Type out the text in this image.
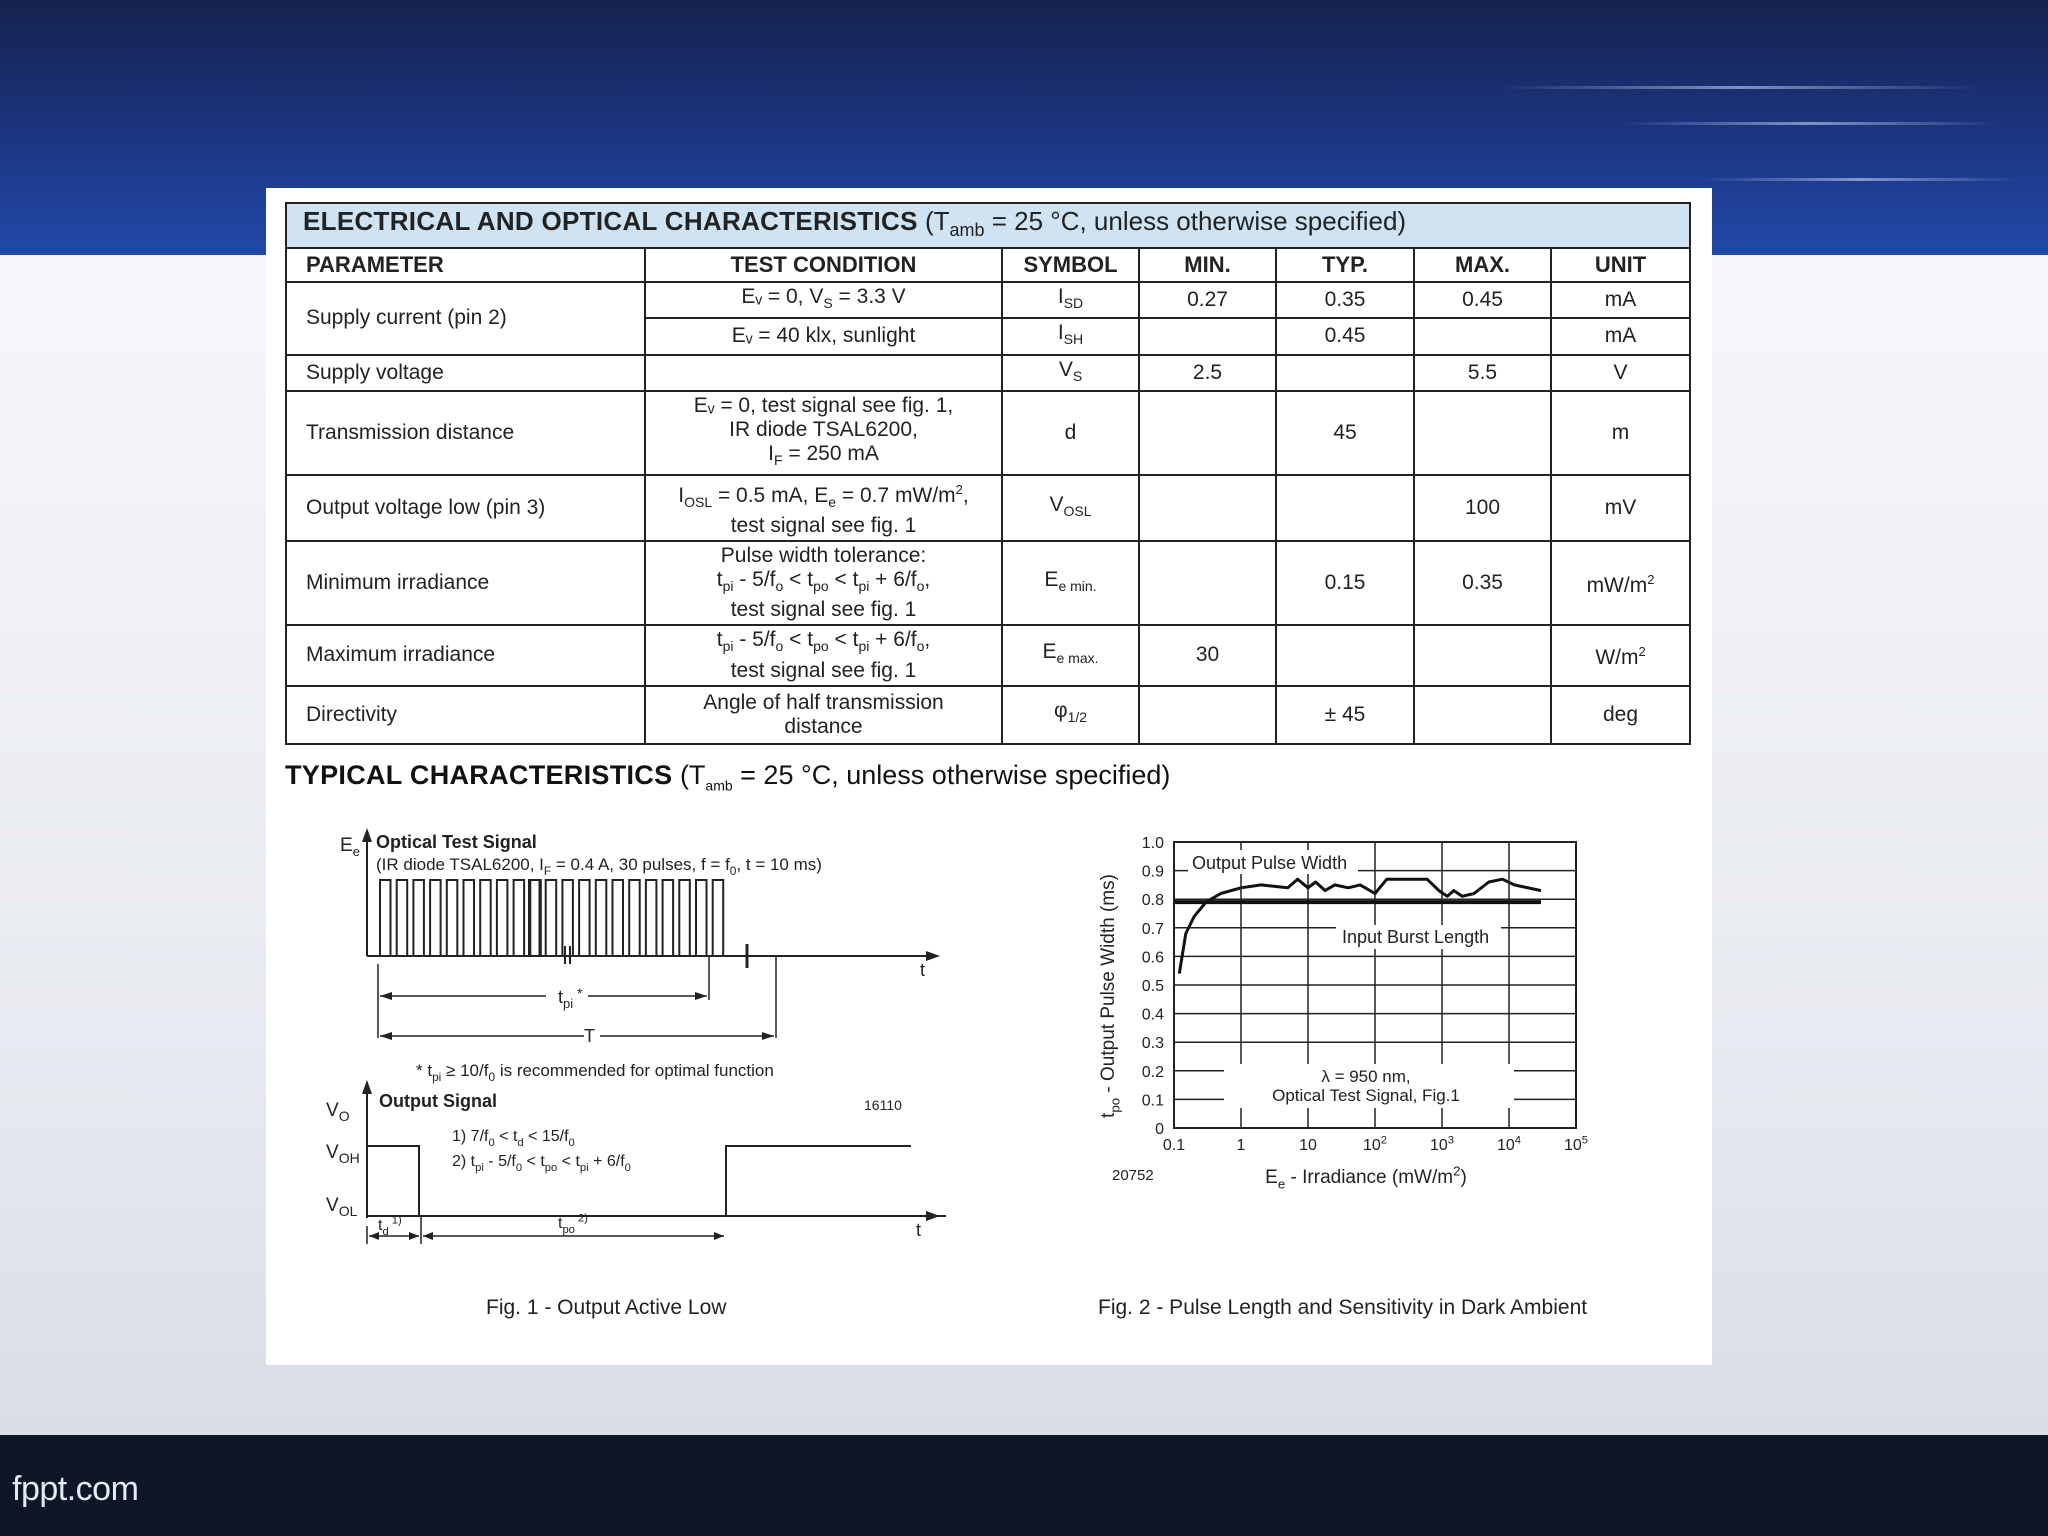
fppt.com
ELECTRICAL AND OPTICAL CHARACTERISTICS ($T_{amb} = 25$ °C, unless otherwise specified)						
PARAMETER	TEST CONDITION	SYMBOL	MIN.	TYP.	MAX.	UNIT
Supply current (pin 2)	Eᵥ = 0, $V_S = 3.3$ V	$I_{SD}$	0.27	0.35	0.45	mA
	Eᵥ = 40 klx, sunlight	$I_{SH}$		0.45		mA
Supply voltage		$V_S$	2.5		5.5	V
Transmission distance	Eᵥ = 0, test signal see fig. 1,
IR diode TSAL6200,
$I_F = 250$ mA	d		45		m
Output voltage low (pin 3)	$I_{OSL} = 0.5$ mA, $E_e = 0.7$ $mW/m^2$,
test signal see fig. 1	$V_{OSL}$			100	mV
Minimum irradiance	Pulse width tolerance:
$t_{pi} - 5/f_o < t_{po} < t_{pi} + 6/f_o$,
test signal see fig. 1	$E_{e min.}$		0.15	0.35	$mW/m^2$
Maximum irradiance	$t_{pi} - 5/f_o < t_{po} < t_{pi} + 6/f_o$,
test signal see fig. 1	$E_{e max.}$	30			$W/m^2$
Directivity	Angle of half transmission
distance	$\varphi_{1/2}$		± 45		deg
TYPICAL CHARACTERISTICS ($T_{amb} = 25$ °C, unless otherwise specified)
$E_e$ Optical Test Signal
(IR diode TSAL6200, $I_F = 0.4$ A, 30 pulses, $f = f_0$, t = 10 ms)
t
$t_{pi}$ *
T
* $t_{pi} \ge 10/f_0$ is recommended for optimal function
$V_O$
Output Signal	16110
$V_{OH}$
$V_{OL}$
t
1) $7/f_0 < t_d < 15/f_0$
2) $t_{pi} - 5/f_0 < t_{po} < t_{pi} + 6/f_0$
$t_d$ $^{1)}$	$t_{po}$ $^{2)}$
Fig. 1 - Output Active Low
0
0.1
0.2
0.3
0.4
0.5
0.6
0.7
0.8
0.9
1.0
0.1	1	10	$10^2$	$10^3$	$10^4$	$10^5$
$t_{po}$ - Output Pulse Width (ms)
$E_e$ - Irradiance $(mW/m^2)$
20752
Output Pulse Width
Input Burst Length
λ = 950 nm,
Optical Test Signal, Fig.1
Fig. 2 - Pulse Length and Sensitivity in Dark Ambient
